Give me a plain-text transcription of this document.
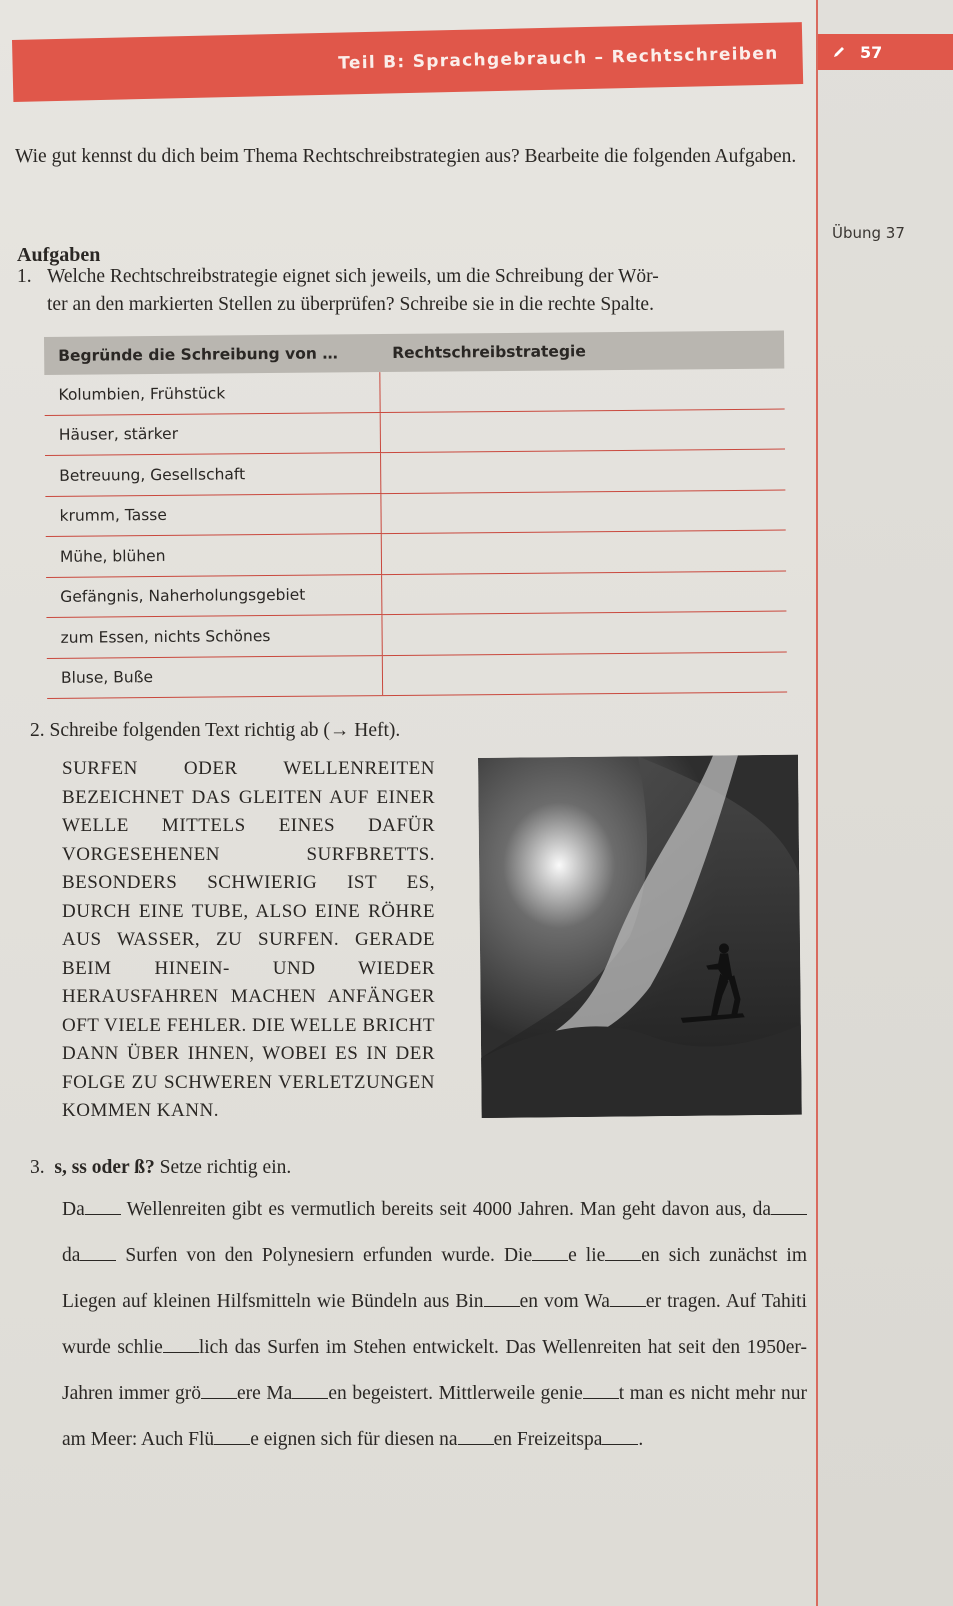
Teil B: Sprachgebrauch – Rechtschreiben	57
Wie gut kennst du dich beim Thema Rechtschreibstrategien aus? Bearbeite die folgenden Aufgaben.
Übung 37
Aufgaben
1. Welche Rechtschreibstrategie eignet sich jeweils, um die Schreibung der Wör-
ter an den markierten Stellen zu überprüfen? Schreibe sie in die rechte Spalte.
Begründe die Schreibung von …	Rechtschreibstrategie
Kolumbien, Frühstück
Häuser, stärker
Betreuung, Gesellschaft
krumm, Tasse
Mühe, blühen
Gefängnis, Naherholungsgebiet
zum Essen, nichts Schönes
Bluse, Buße
2. Schreibe folgenden Text richtig ab (→ Heft).
SURFEN ODER WELLENREITEN BEZEICHNET DAS GLEITEN AUF EINER WELLE MITTELS EINES DAFÜR VORGESEHENEN SURFBRETTS. BESONDERS SCHWIERIG IST ES, DURCH EINE TUBE, ALSO EINE RÖHRE AUS WASSER, ZU SURFEN. GERADE BEIM HINEIN- UND WIEDER HERAUSFAHREN MACHEN ANFÄNGER OFT VIELE FEHLER. DIE WELLE BRICHT DANN ÜBER IHNEN, WOBEI ES IN DER FOLGE ZU SCHWEREN VERLETZUNGEN KOMMEN KANN.
3. s, ss oder ß? Setze richtig ein.
Da Wellenreiten gibt es vermutlich bereits seit 4000 Jahren. Man geht davon aus, da da Surfen von den Polynesiern erfunden wurde. Die e lie en sich zunächst im Liegen auf kleinen Hilfsmitteln wie Bündeln aus Bin en vom Wa er tragen. Auf Tahiti wurde schlie lich das Surfen im Stehen entwickelt. Das Wellenreiten hat seit den 1950er-Jahren immer grö ere Ma en begeistert. Mittlerweile genie t man es nicht mehr nur am Meer: Auch Flü e eignen sich für diesen na en Freizeitspa .
